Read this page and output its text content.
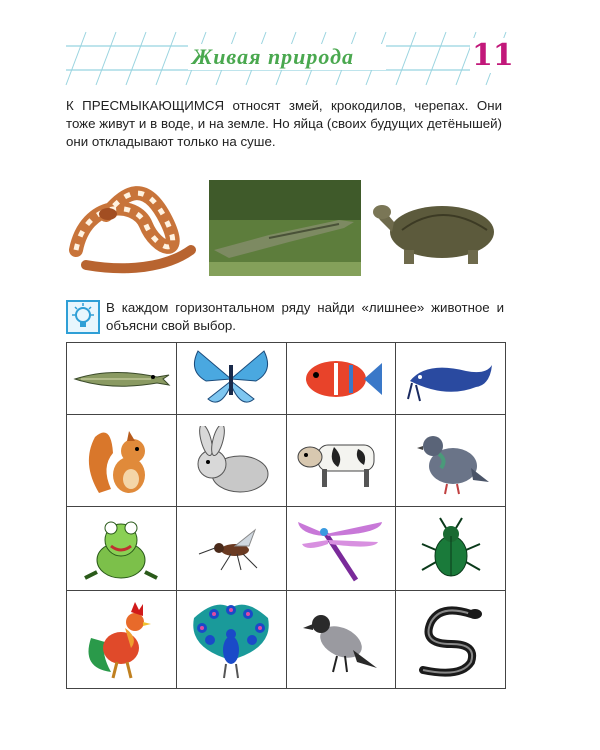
Живая природа	11

К ПРЕСМЫКАЮЩИМСЯ относят змей, крокодилов, черепах. Они тоже живут и в воде, и на земле. Но яйца (своих будущих детёнышей) они откладывают только на суше.

В каждом горизонтальном ряду найди «лишнее» животное и объясни свой выбор.
